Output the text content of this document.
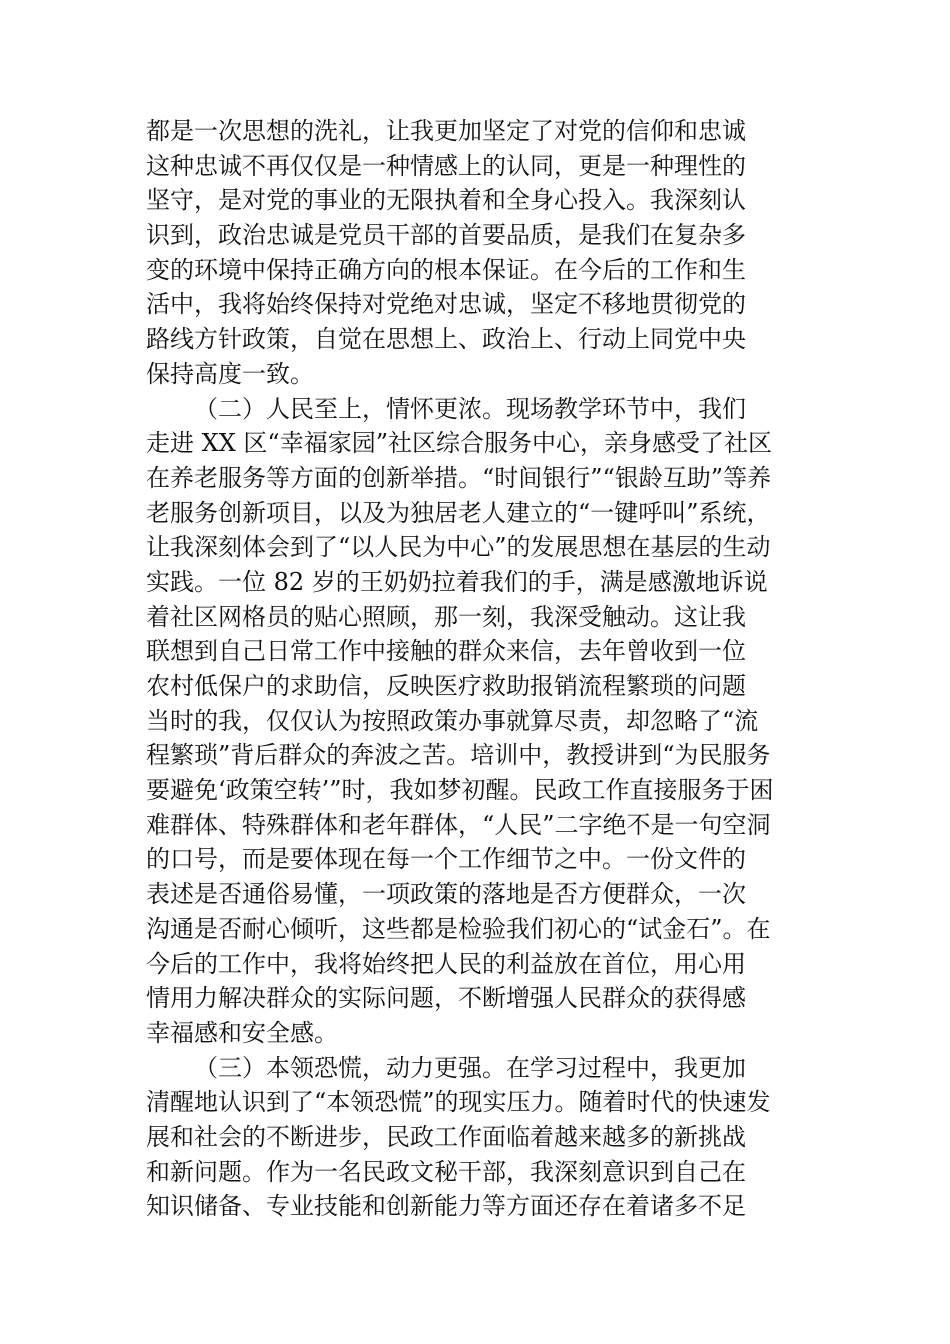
都是一次思想的洗礼，让我更加坚定了对党的信仰和忠诚
这种忠诚不再仅仅是一种情感上的认同，更是一种理性的
坚守，是对党的事业的无限执着和全身心投入。我深刻认
识到，政治忠诚是党员干部的首要品质，是我们在复杂多
变的环境中保持正确方向的根本保证。在今后的工作和生
活中，我将始终保持对党绝对忠诚，坚定不移地贯彻党的
路线方针政策，自觉在思想上、政治上、行动上同党中央
保持高度一致。
（二）人民至上，情怀更浓。现场教学环节中，我们
走进 XX 区“幸福家园”社区综合服务中心，亲身感受了社区
在养老服务等方面的创新举措。“时间银行”“银龄互助”等养
老服务创新项目，以及为独居老人建立的“一键呼叫”系统，
让我深刻体会到了“以人民为中心”的发展思想在基层的生动
实践。一位 82 岁的王奶奶拉着我们的手，满是感激地诉说
着社区网格员的贴心照顾，那一刻，我深受触动。这让我
联想到自己日常工作中接触的群众来信，去年曾收到一位
农村低保户的求助信，反映医疗救助报销流程繁琐的问题
当时的我，仅仅认为按照政策办事就算尽责，却忽略了“流
程繁琐”背后群众的奔波之苦。培训中，教授讲到“为民服务
要避免‘政策空转’”时，我如梦初醒。民政工作直接服务于困
难群体、特殊群体和老年群体，“人民”二字绝不是一句空洞
的口号，而是要体现在每一个工作细节之中。一份文件的
表述是否通俗易懂，一项政策的落地是否方便群众，一次
沟通是否耐心倾听，这些都是检验我们初心的“试金石”。在
今后的工作中，我将始终把人民的利益放在首位，用心用
情用力解决群众的实际问题，不断增强人民群众的获得感
幸福感和安全感。
（三）本领恐慌，动力更强。在学习过程中，我更加
清醒地认识到了“本领恐慌”的现实压力。随着时代的快速发
展和社会的不断进步，民政工作面临着越来越多的新挑战
和新问题。作为一名民政文秘干部，我深刻意识到自己在
知识储备、专业技能和创新能力等方面还存在着诸多不足
